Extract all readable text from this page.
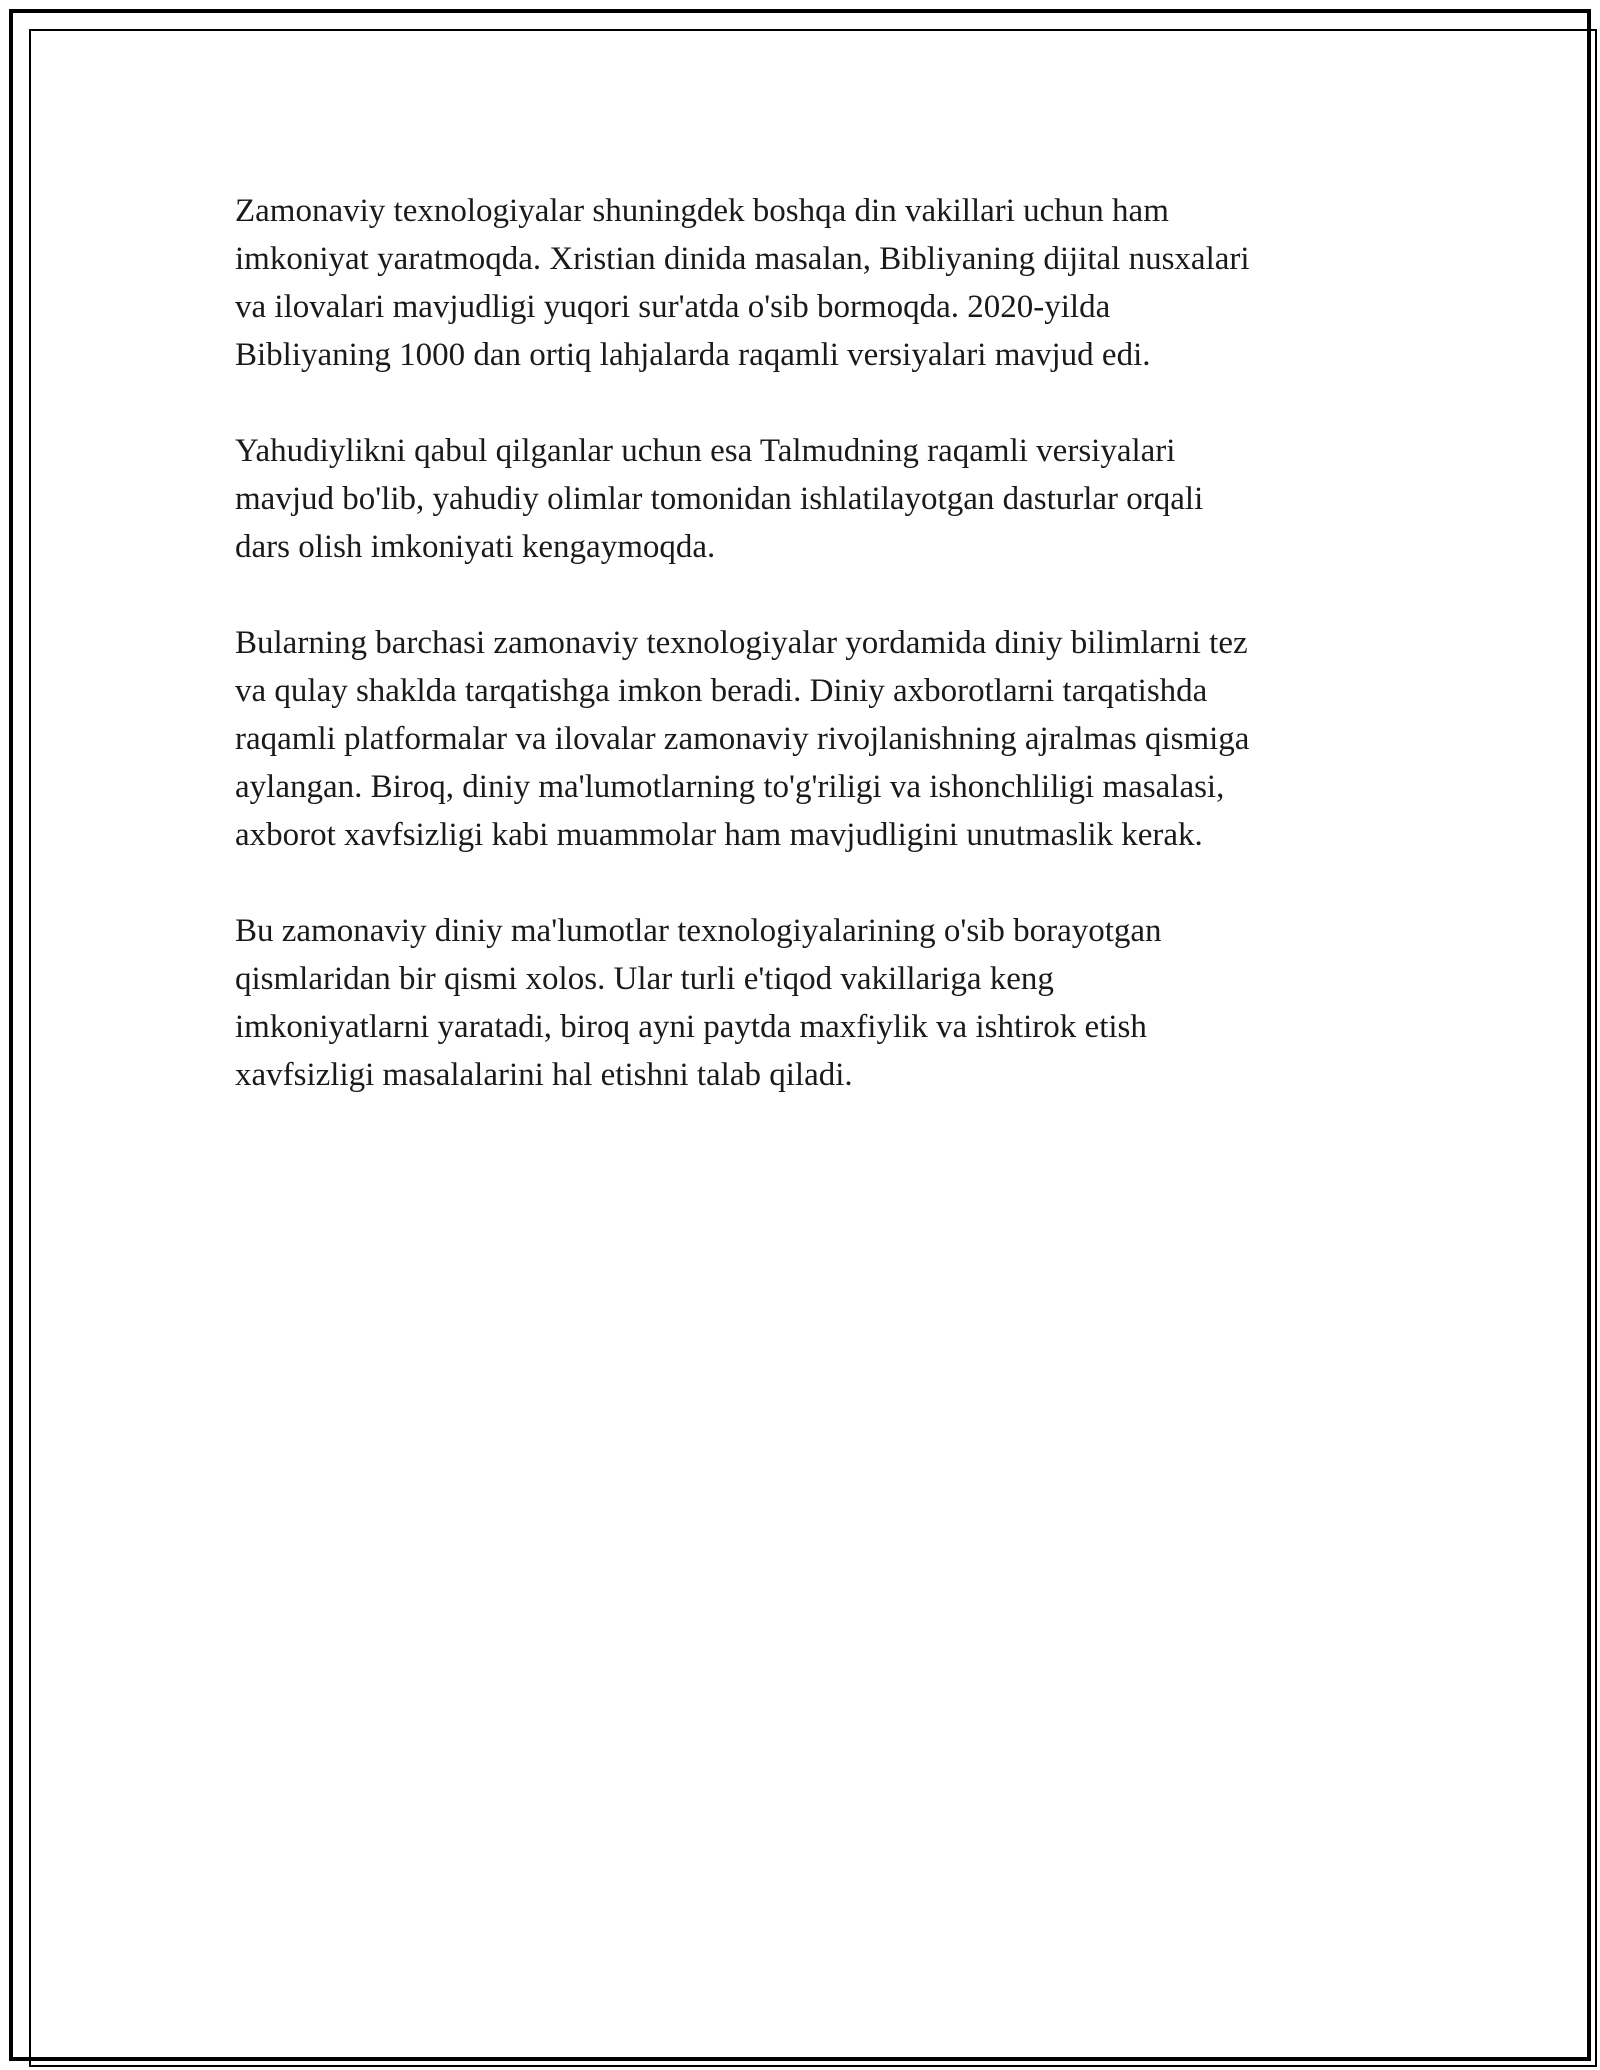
Zamonaviy texnologiyalar shuningdek boshqa din vakillari uchun ham
imkoniyat yaratmoqda. Xristian dinida masalan, Bibliyaning dijital nusxalari
va ilovalari mavjudligi yuqori sur'atda o'sib bormoqda. 2020-yilda
Bibliyaning 1000 dan ortiq lahjalarda raqamli versiyalari mavjud edi.

Yahudiylikni qabul qilganlar uchun esa Talmudning raqamli versiyalari
mavjud bo'lib, yahudiy olimlar tomonidan ishlatilayotgan dasturlar orqali
dars olish imkoniyati kengaymoqda.

Bularning barchasi zamonaviy texnologiyalar yordamida diniy bilimlarni tez
va qulay shaklda tarqatishga imkon beradi. Diniy axborotlarni tarqatishda
raqamli platformalar va ilovalar zamonaviy rivojlanishning ajralmas qismiga
aylangan. Biroq, diniy ma'lumotlarning to'g'riligi va ishonchliligi masalasi,
axborot xavfsizligi kabi muammolar ham mavjudligini unutmaslik kerak.

Bu zamonaviy diniy ma'lumotlar texnologiyalarining o'sib borayotgan
qismlaridan bir qismi xolos. Ular turli e'tiqod vakillariga keng
imkoniyatlarni yaratadi, biroq ayni paytda maxfiylik va ishtirok etish
xavfsizligi masalalarini hal etishni talab qiladi.
